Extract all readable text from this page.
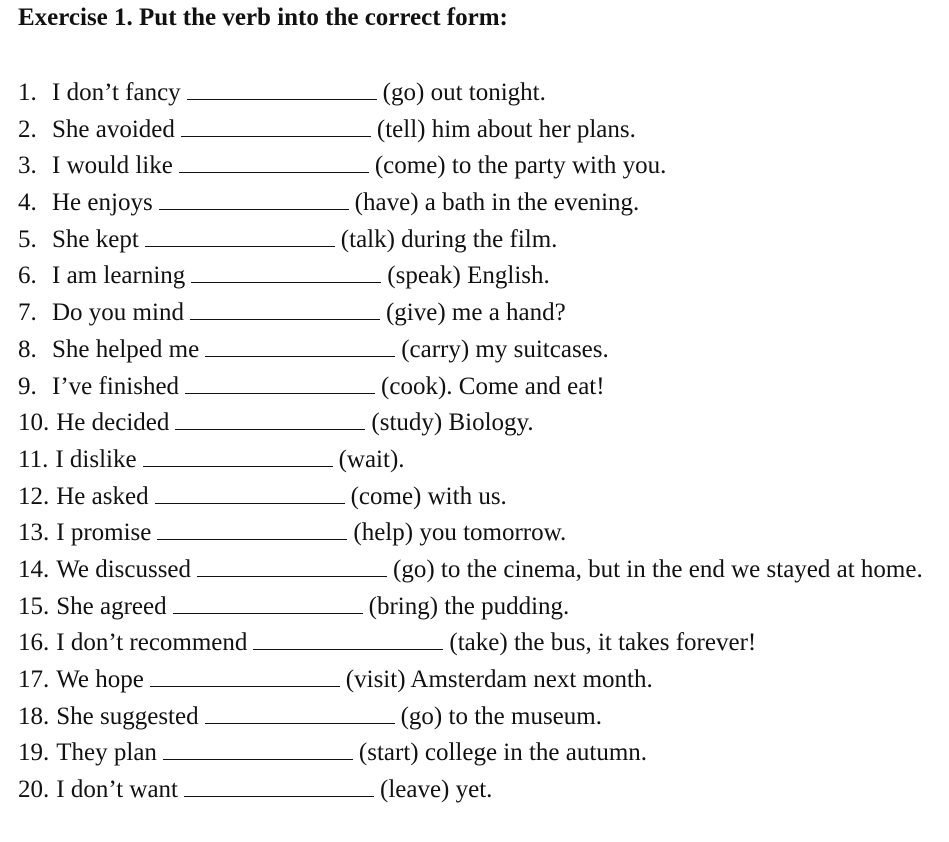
Exercise 1. Put the verb into the correct form:
1. I don’t fancy	(go) out tonight.
2. She avoided	(tell) him about her plans.
3. I would like	(come) to the party with you.
4. He enjoys	(have) a bath in the evening.
5. She kept	(talk) during the film.
6. I am learning	(speak) English.
7. Do you mind	(give) me a hand?
8. She helped me	(carry) my suitcases.
9. I’ve finished	(cook). Come and eat!
10. He decided	(study) Biology.
11. I dislike	(wait).
12. He asked	(come) with us.
13. I promise	(help) you tomorrow.
14. We discussed	(go) to the cinema, but in the end we stayed at home.
15. She agreed	(bring) the pudding.
16. I don’t recommend	(take) the bus, it takes forever!
17. We hope	(visit) Amsterdam next month.
18. She suggested	(go) to the museum.
19. They plan	(start) college in the autumn.
20. I don’t want	(leave) yet.
